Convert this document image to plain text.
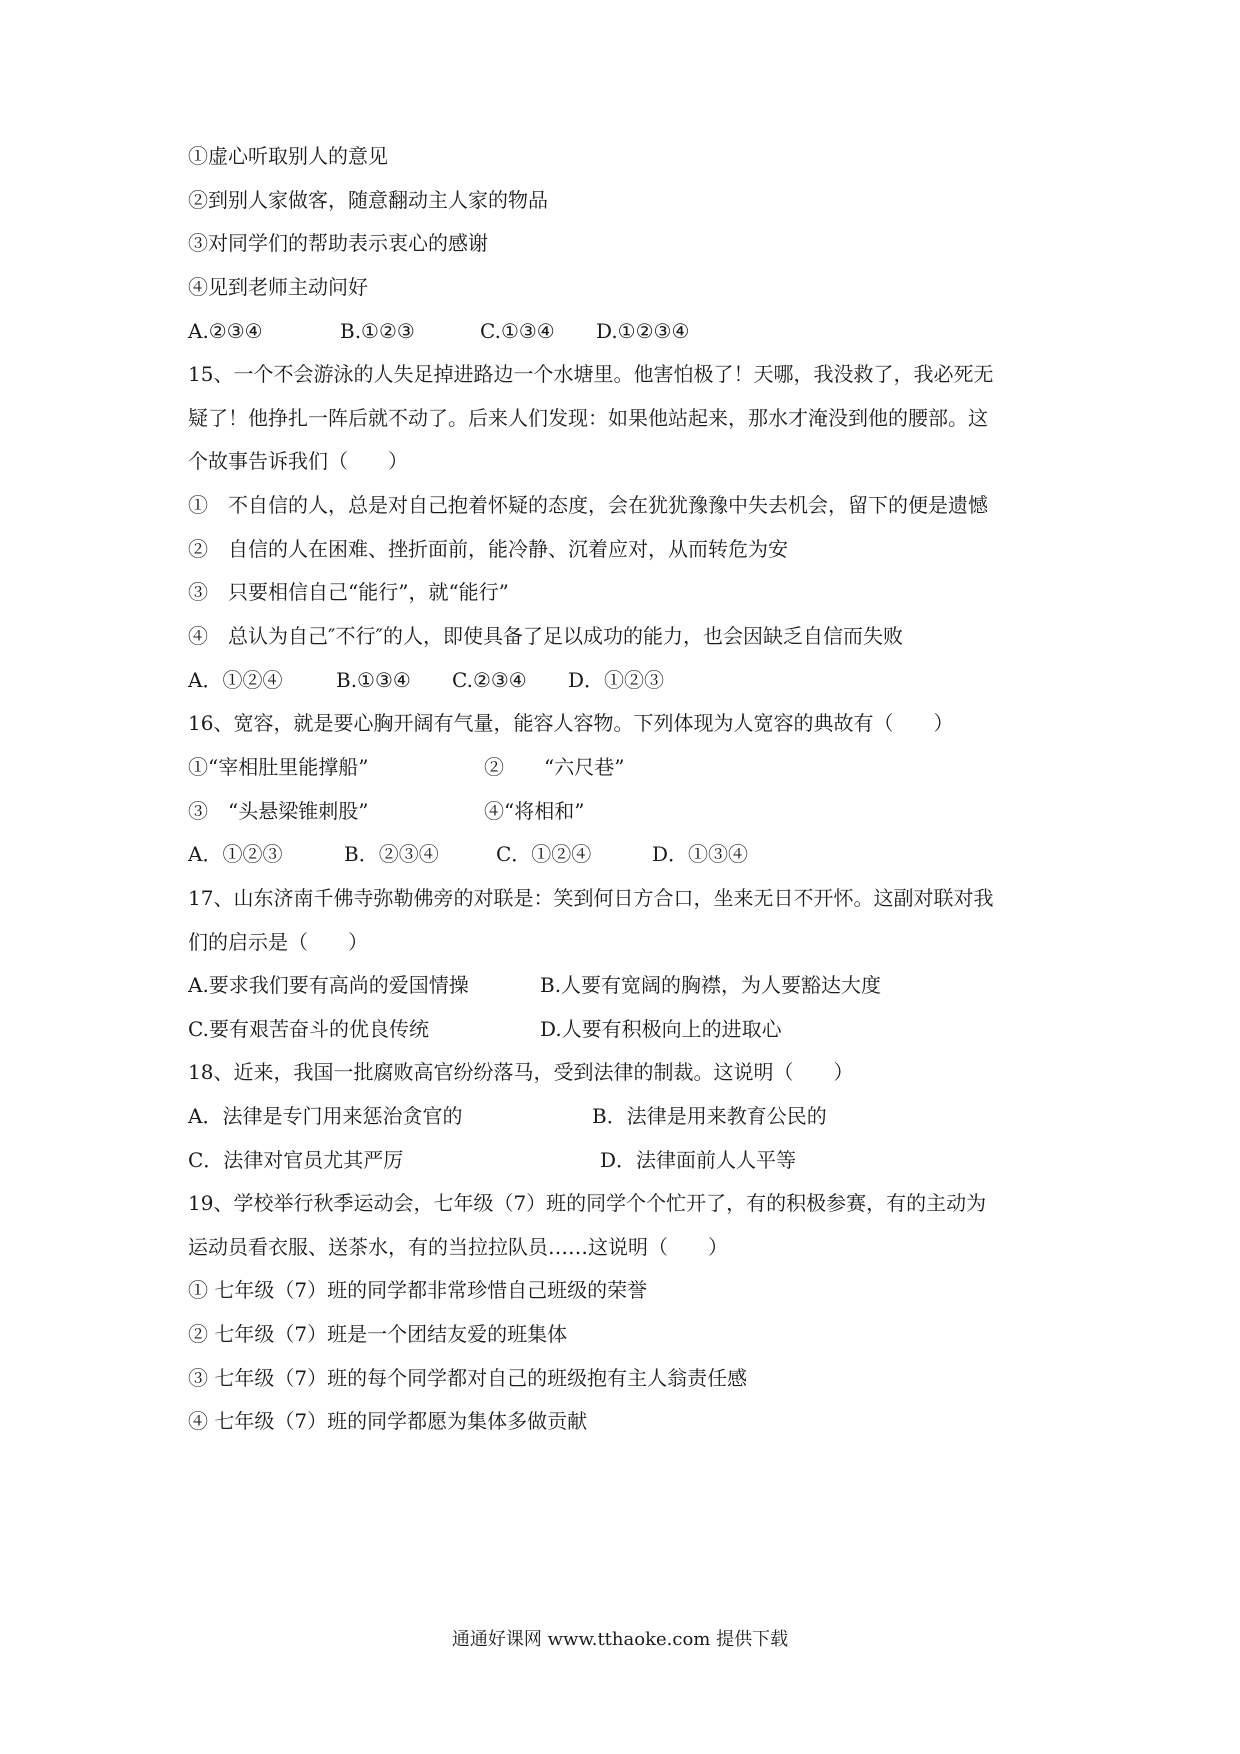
①虚心听取别人的意见
②到别人家做客，随意翻动主人家的物品
③对同学们的帮助表示衷心的感谢
④见到老师主动问好
A.②③④	B.①②③	C.①③④ D.①②③④
15、一个不会游泳的人失足掉进路边一个水塘里。他害怕极了！天哪，我没救了，我必死无
疑了！他挣扎一阵后就不动了。后来人们发现：如果他站起来，那水才淹没到他的腰部。这
个故事告诉我们（　　）
①　不自信的人，总是对自己抱着怀疑的态度，会在犹犹豫豫中失去机会，留下的便是遗憾
②　自信的人在困难、挫折面前，能冷静、沉着应对，从而转危为安
③　只要相信自己“能行”，就“能行”
④　总认为自己″不行″的人，即使具备了足以成功的能力，也会因缺乏自信而失败
A．①②④	B.①③④ C.②③④ D．①②③
16、宽容，就是要心胸开阔有气量，能容人容物。下列体现为人宽容的典故有（　　）
①“宰相肚里能撑船”	②　　“六尺巷”
③　“头悬梁锥刺股”	④“将相和”
A．①②③	B．②③④	C．①②④	D．①③④
17、山东济南千佛寺弥勒佛旁的对联是：笑到何日方合口，坐来无日不开怀。这副对联对我
们的启示是（　　）
A.要求我们要有高尚的爱国情操	B.人要有宽阔的胸襟，为人要豁达大度
C.要有艰苦奋斗的优良传统	D.人要有积极向上的进取心
18、近来，我国一批腐败高官纷纷落马，受到法律的制裁。这说明（　　）
A．法律是专门用来惩治贪官的	B．法律是用来教育公民的
C．法律对官员尤其严厉	D．法律面前人人平等
19、学校举行秋季运动会，七年级（7）班的同学个个忙开了，有的积极参赛，有的主动为
运动员看衣服、送茶水，有的当拉拉队员……这说明（　　）
① 七年级（7）班的同学都非常珍惜自己班级的荣誉
② 七年级（7）班是一个团结友爱的班集体
③ 七年级（7）班的每个同学都对自己的班级抱有主人翁责任感
④ 七年级（7）班的同学都愿为集体多做贡献
通通好课网 www.tthaoke.com 提供下载
